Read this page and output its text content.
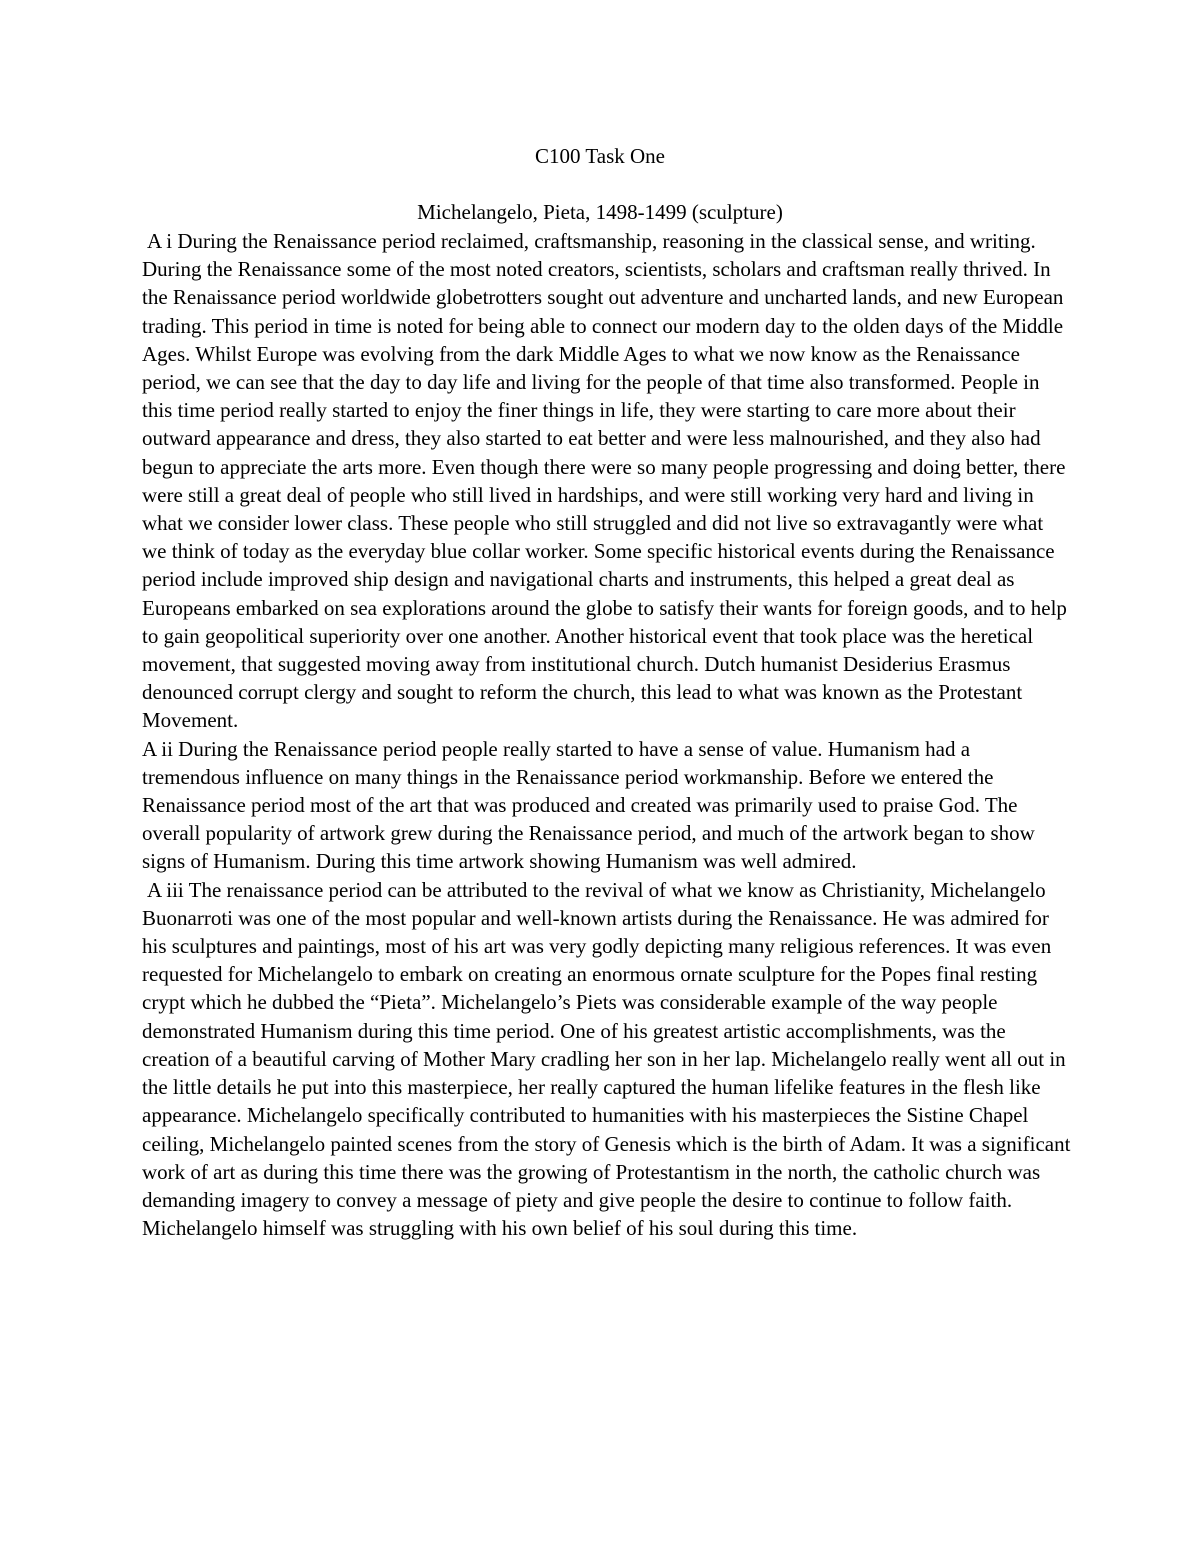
C100 Task One
Michelangelo, Pieta, 1498-1499 (sculpture)

A i During the Renaissance period reclaimed, craftsmanship, reasoning in the classical sense, and writing. During the Renaissance some of the most noted creators, scientists, scholars and craftsman really thrived. In the Renaissance period worldwide globetrotters sought out adventure and uncharted lands, and new European trading. This period in time is noted for being able to connect our modern day to the olden days of the Middle Ages. Whilst Europe was evolving from the dark Middle Ages to what we now know as the Renaissance period, we can see that the day to day life and living for the people of that time also transformed. People in this time period really started to enjoy the finer things in life, they were starting to care more about their outward appearance and dress, they also started to eat better and were less malnourished, and they also had begun to appreciate the arts more. Even though there were so many people progressing and doing better, there were still a great deal of people who still lived in hardships, and were still working very hard and living in what we consider lower class. These people who still struggled and did not live so extravagantly were what we think of today as the everyday blue collar worker. Some specific historical events during the Renaissance period include improved ship design and navigational charts and instruments, this helped a great deal as Europeans embarked on sea explorations around the globe to satisfy their wants for foreign goods, and to help to gain geopolitical superiority over one another. Another historical event that took place was the heretical movement, that suggested moving away from institutional church. Dutch humanist Desiderius Erasmus denounced corrupt clergy and sought to reform the church, this lead to what was known as the Protestant Movement.

A ii During the Renaissance period people really started to have a sense of value. Humanism had a tremendous influence on many things in the Renaissance period workmanship. Before we entered the Renaissance period most of the art that was produced and created was primarily used to praise God. The overall popularity of artwork grew during the Renaissance period, and much of the artwork began to show signs of Humanism. During this time artwork showing Humanism was well admired.

A iii The renaissance period can be attributed to the revival of what we know as Christianity, Michelangelo Buonarroti was one of the most popular and well-known artists during the Renaissance. He was admired for his sculptures and paintings, most of his art was very godly depicting many religious references. It was even requested for Michelangelo to embark on creating an enormous ornate sculpture for the Popes final resting crypt which he dubbed the “Pieta”. Michelangelo’s Piets was considerable example of the way people demonstrated Humanism during this time period. One of his greatest artistic accomplishments, was the creation of a beautiful carving of Mother Mary cradling her son in her lap. Michelangelo really went all out in the little details he put into this masterpiece, her really captured the human lifelike features in the flesh like appearance. Michelangelo specifically contributed to humanities with his masterpieces the Sistine Chapel ceiling, Michelangelo painted scenes from the story of Genesis which is the birth of Adam. It was a significant work of art as during this time there was the growing of Protestantism in the north, the catholic church was demanding imagery to convey a message of piety and give people the desire to continue to follow faith. Michelangelo himself was struggling with his own belief of his soul during this time.
